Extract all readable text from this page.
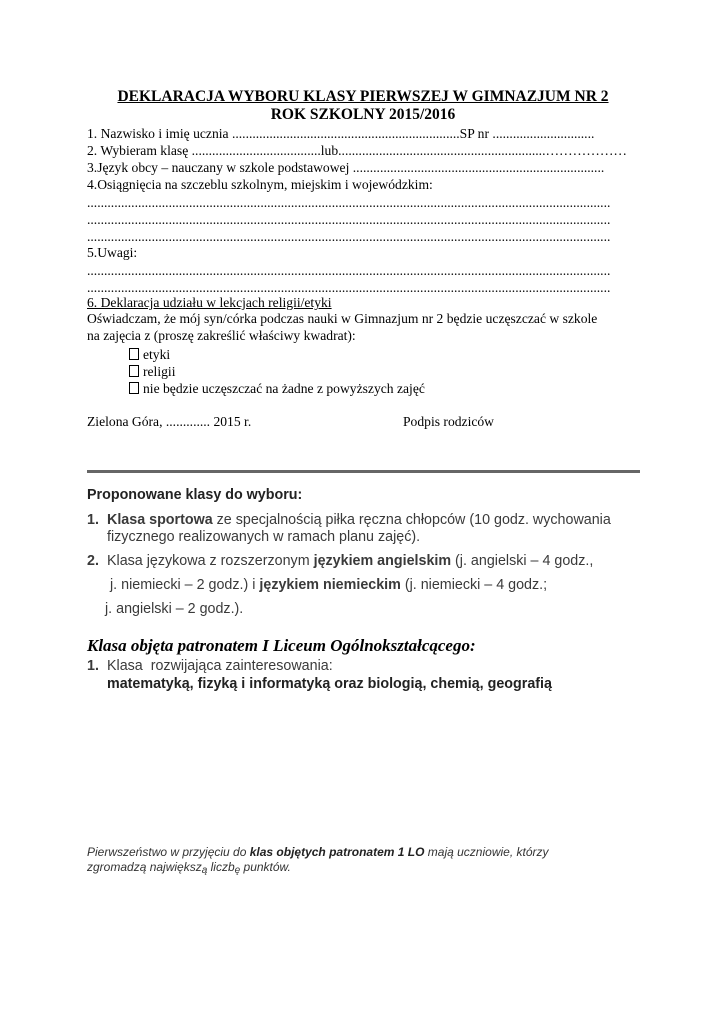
DEKLARACJA WYBORU KLASY PIERWSZEJ W GIMNAZJUM NR 2
ROK SZKOLNY 2015/2016
1. Nazwisko i imię ucznia ...................................................................SP nr ..............................
2. Wybieram klasę ......................................lub.............................................................………………
3.Język obcy – nauczany w szkole podstawowej ..........................................................................
4.Osiągnięcia na szczeblu szkolnym, miejskim i wojewódzkim:
..........................................................................................................................................................
..........................................................................................................................................................
..........................................................................................................................................................
5.Uwagi:
..........................................................................................................................................................
..........................................................................................................................................................
6. Deklaracja udziału w lekcjach religii/etyki
Oświadczam, że mój syn/córka podczas nauki w Gimnazjum nr 2 będzie uczęszczać w szkole
na zajęcia z (proszę zakreślić właściwy kwadrat):
etyki
religii
nie będzie uczęszczać na żadne z powyższych zajęć
Zielona Góra, ............. 2015 r.	Podpis rodziców
Proponowane klasy do wyboru:
1. Klasa sportowa ze specjalnością piłka ręczna chłopców (10 godz. wychowania
fizycznego realizowanych w ramach planu zajęć).
2. Klasa językowa z rozszerzonym językiem angielskim (j. angielski – 4 godz.,
j. niemiecki – 2 godz.) i językiem niemieckim (j. niemiecki – 4 godz.;
j. angielski – 2 godz.).
Klasa objęta patronatem I Liceum Ogólnokształcącego:
1. Klasa  rozwijająca zainteresowania:
matematyką, fizyką i informatyką oraz biologią, chemią, geografią
Pierwszeństwo w przyjęciu do klas objętych patronatem 1 LO mają uczniowie, którzy
zgromadzą największą liczbę punktów.
